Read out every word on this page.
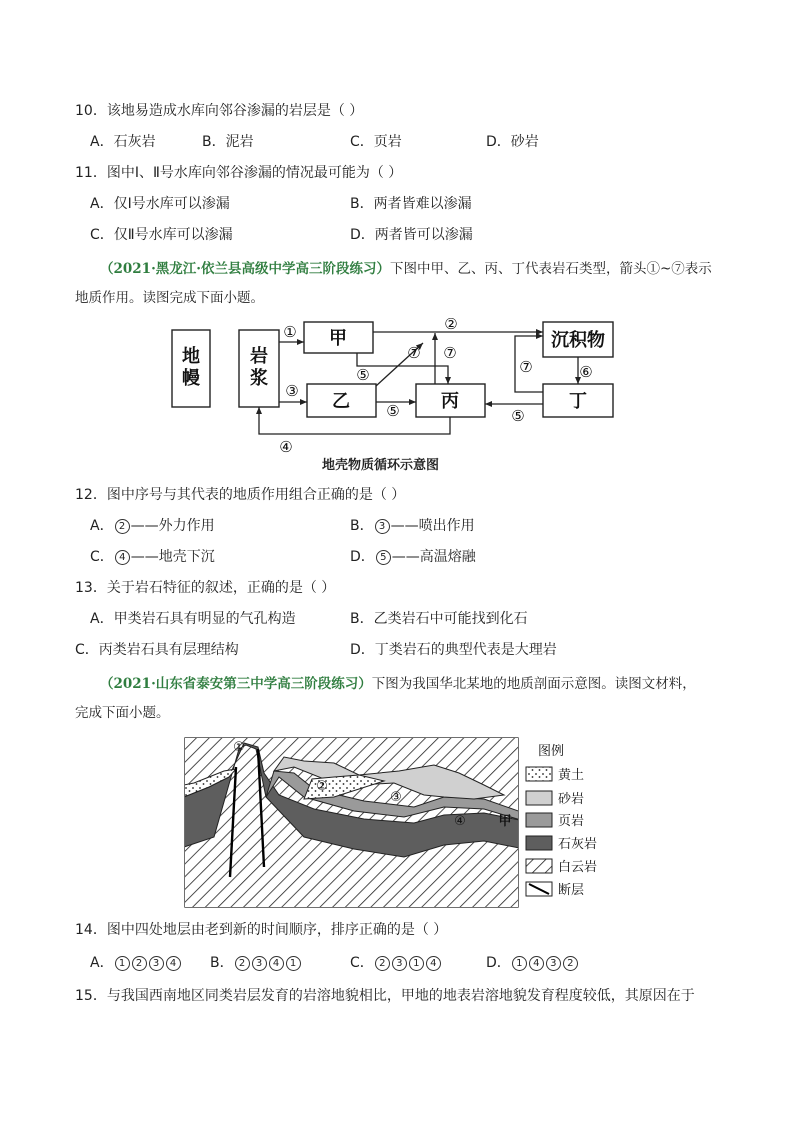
10．该地易造成水库向邻谷渗漏的岩层是（ ）
A．石灰岩	B．泥岩	C．页岩	D．砂岩
11．图中Ⅰ、Ⅱ号水库向邻谷渗漏的情况最可能为（ ）
A．仅Ⅰ号水库可以渗漏	B．两者皆难以渗漏
C．仅Ⅱ号水库可以渗漏	D．两者皆可以渗漏
（2021·黑龙江·依兰县高级中学高三阶段练习）下图中甲、乙、丙、丁代表岩石类型，箭头①~⑦表示
地质作用。读图完成下面小题。
甲
乙	丙
沉积物
丁
地
幔
岩
浆
①	②
③
④
⑤
⑤	⑤
⑥
⑦ ⑦
⑦
地壳物质循环示意图
12．图中序号与其代表的地质作用组合正确的是（ ）
A． 2 ——外力作用	B． 3 ——喷出作用
C． 4 ——地壳下沉	D． 5 ——高温熔融
13．关于岩石特征的叙述，正确的是（ ）
A．甲类岩石具有明显的气孔构造	B．乙类岩石中可能找到化石
C．丙类岩石具有层理结构	D．丁类岩石的典型代表是大理岩
（2021·山东省泰安第三中学高三阶段练习）下图为我国华北某地的地质剖面示意图。读图文材料，
完成下面小题。
①
②
③
④	甲
图例
黄土
砂岩
页岩
石灰岩
白云岩
断层
14．图中四处地层由老到新的时间顺序，排序正确的是（ ）
A． 1 2 3 4	B． 2 3 4 1	C． 2 3 1 4	D． 1 4 3 2
15．与我国西南地区同类岩层发育的岩溶地貌相比，甲地的地表岩溶地貌发育程度较低，其原因在于
